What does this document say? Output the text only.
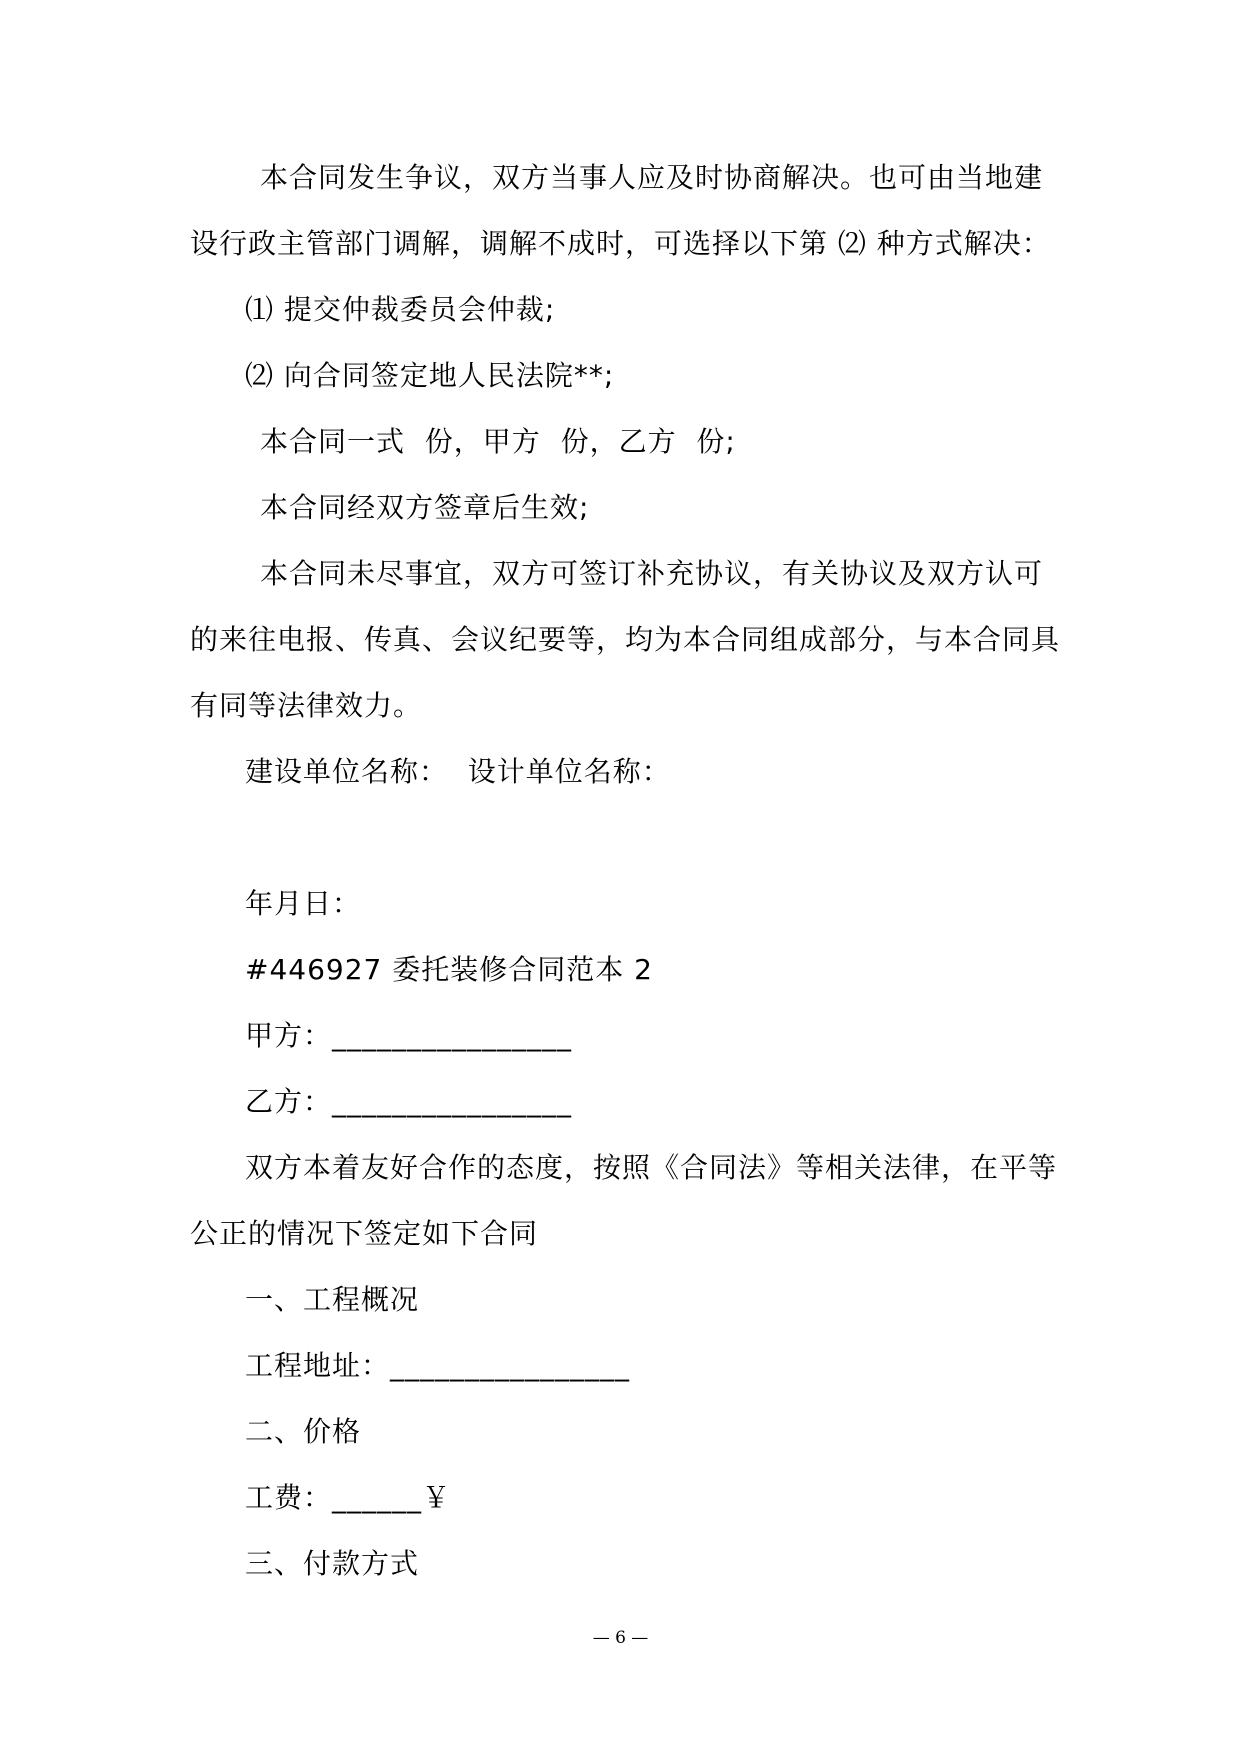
本合同发生争议，双方当事人应及时协商解决。也可由当地建
设行政主管部门调解，调解不成时，可选择以下第 ⑵ 种方式解决：
⑴ 提交仲裁委员会仲裁;
⑵ 向合同签定地人民法院**;
本合同一式  份，甲方  份，乙方  份;
本合同经双方签章后生效;
本合同未尽事宜，双方可签订补充协议，有关协议及双方认可
的来往电报、传真、会议纪要等，均为本合同组成部分，与本合同具
有同等法律效力。
建设单位名称：  设计单位名称：
年月日：
#446927 委托装修合同范本 2
甲方：________________
乙方：________________
双方本着友好合作的态度，按照《合同法》等相关法律，在平等
公正的情况下签定如下合同
一、工程概况
工程地址：________________
二、价格
工费：______￥
三、付款方式
— 6 —
